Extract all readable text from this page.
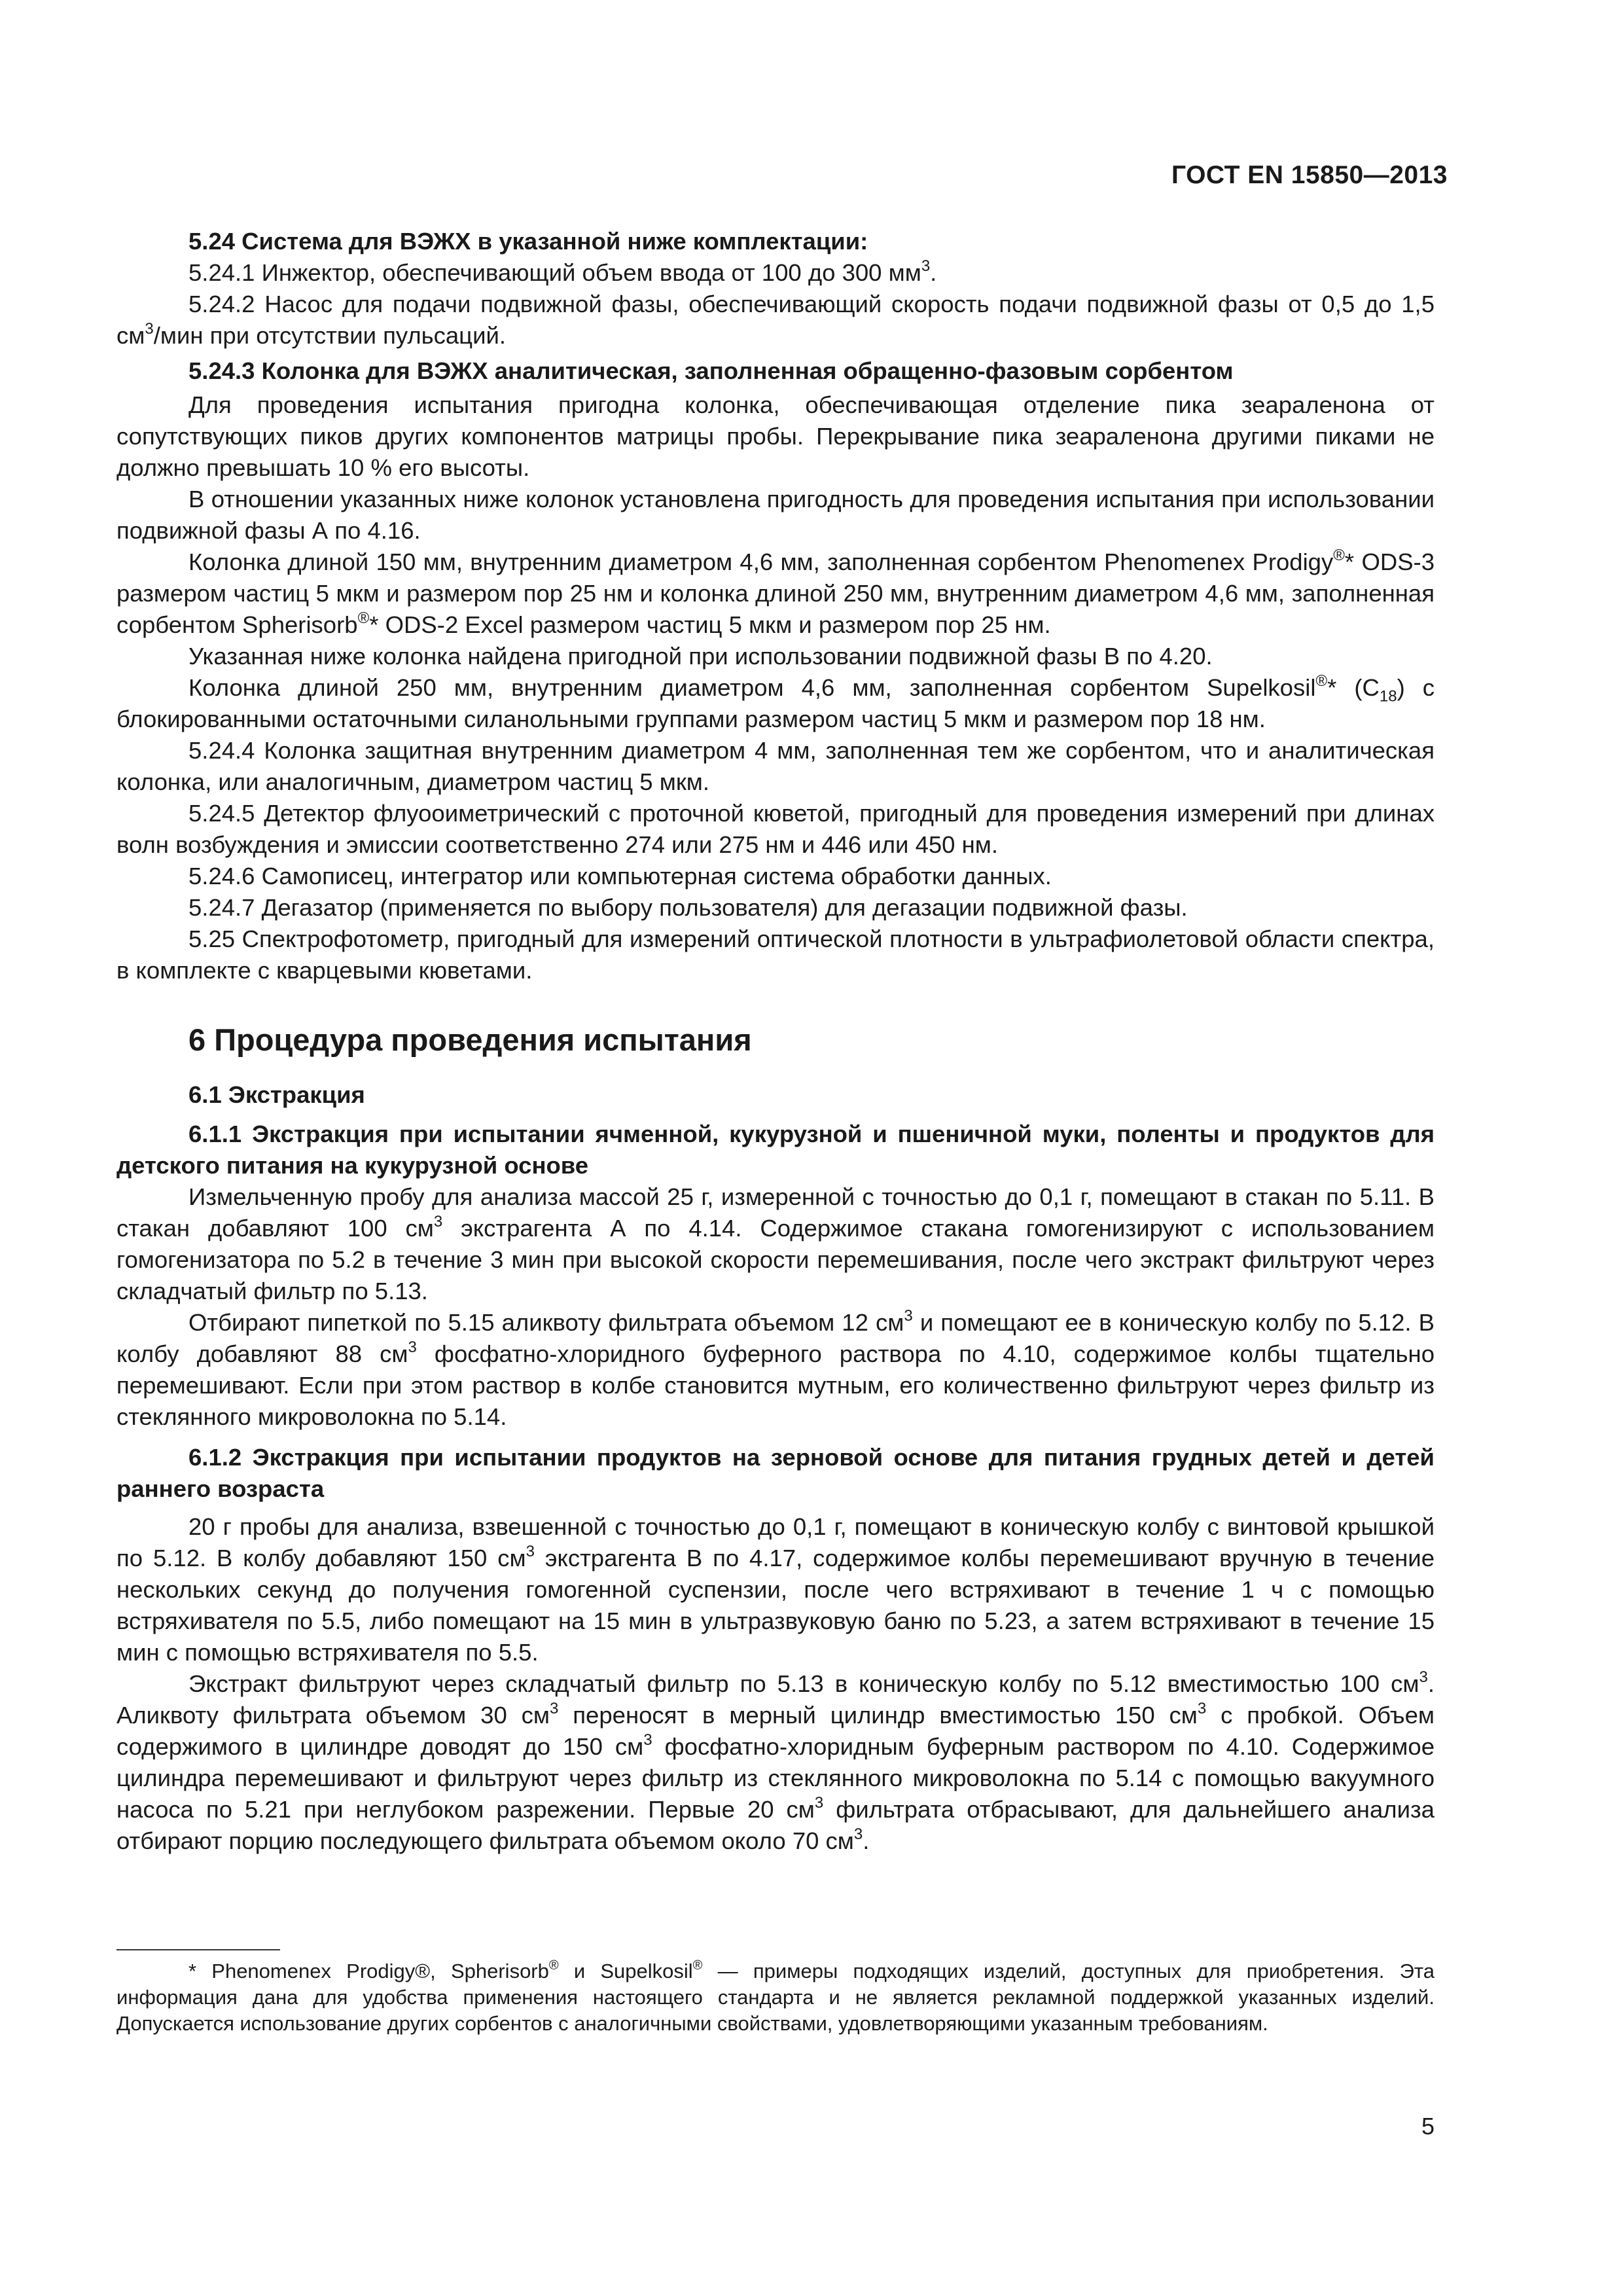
ГОСТ EN 15850—2013

5.24 Система для ВЭЖХ в указанной ниже комплектации:

5.24.1 Инжектор, обеспечивающий объем ввода от 100 до 300 $мм^3$.

5.24.2 Насос для подачи подвижной фазы, обеспечивающий скорость подачи подвижной фазы от 0,5 до 1,5 $см^3$/мин при отсутствии пульсаций.

5.24.3 Колонка для ВЭЖХ аналитическая, заполненная обращенно-фазовым сорбентом

Для проведения испытания пригодна колонка, обеспечивающая отделение пика зеараленона от сопутствующих пиков других компонентов матрицы пробы. Перекрывание пика зеараленона другими пиками не должно превышать 10 % его высоты.

В отношении указанных ниже колонок установлена пригодность для проведения испытания при использовании подвижной фазы А по 4.16.

Колонка длиной 150 мм, внутренним диаметром 4,6 мм, заполненная сорбентом Phenomenex Prodigy®* ODS-3 размером частиц 5 мкм и размером пор 25 нм и колонка длиной 250 мм, внутренним диаметром 4,6 мм, заполненная сорбентом Spherisorb®* ODS-2 Excel размером частиц 5 мкм и размером пор 25 нм.

Указанная ниже колонка найдена пригодной при использовании подвижной фазы В по 4.20.

Колонка длиной 250 мм, внутренним диаметром 4,6 мм, заполненная сорбентом Supelkosil®* $(C_{18})$ с блокированными остаточными силанольными группами размером частиц 5 мкм и размером пор 18 нм.

5.24.4 Колонка защитная внутренним диаметром 4 мм, заполненная тем же сорбентом, что и аналитическая колонка, или аналогичным, диаметром частиц 5 мкм.

5.24.5 Детектор флуооиметрический с проточной кюветой, пригодный для проведения измерений при длинах волн возбуждения и эмиссии соответственно 274 или 275 нм и 446 или 450 нм.

5.24.6 Самописец, интегратор или компьютерная система обработки данных.

5.24.7 Дегазатор (применяется по выбору пользователя) для дегазации подвижной фазы.

5.25 Спектрофотометр, пригодный для измерений оптической плотности в ультрафиолетовой области спектра, в комплекте с кварцевыми кюветами.

6 Процедура проведения испытания

6.1 Экстракция

6.1.1 Экстракция при испытании ячменной, кукурузной и пшеничной муки, поленты и продуктов для детского питания на кукурузной основе

Измельченную пробу для анализа массой 25 г, измеренной с точностью до 0,1 г, помещают в стакан по 5.11. В стакан добавляют 100 $см^3$ экстрагента А по 4.14. Содержимое стакана гомогенизируют с использованием гомогенизатора по 5.2 в течение 3 мин при высокой скорости перемешивания, после чего экстракт фильтруют через складчатый фильтр по 5.13.

Отбирают пипеткой по 5.15 аликвоту фильтрата объемом 12 $см^3$ и помещают ее в коническую колбу по 5.12. В колбу добавляют 88 $см^3$ фосфатно-хлоридного буферного раствора по 4.10, содержимое колбы тщательно перемешивают. Если при этом раствор в колбе становится мутным, его количественно фильтруют через фильтр из стеклянного микроволокна по 5.14.

6.1.2 Экстракция при испытании продуктов на зерновой основе для питания грудных детей и детей раннего возраста

20 г пробы для анализа, взвешенной с точностью до 0,1 г, помещают в коническую колбу с винтовой крышкой по 5.12. В колбу добавляют 150 $см^3$ экстрагента В по 4.17, содержимое колбы перемешивают вручную в течение нескольких секунд до получения гомогенной суспензии, после чего встряхивают в течение 1 ч с помощью встряхивателя по 5.5, либо помещают на 15 мин в ультразвуковую баню по 5.23, а затем встряхивают в течение 15 мин с помощью встряхивателя по 5.5.

Экстракт фильтруют через складчатый фильтр по 5.13 в коническую колбу по 5.12 вместимостью 100 $см^3$. Аликвоту фильтрата объемом 30 $см^3$ переносят в мерный цилиндр вместимостью 150 $см^3$ с пробкой. Объем содержимого в цилиндре доводят до 150 $см^3$ фосфатно-хлоридным буферным раствором по 4.10. Содержимое цилиндра перемешивают и фильтруют через фильтр из стеклянного микроволокна по 5.14 с помощью вакуумного насоса по 5.21 при неглубоком разрежении. Первые 20 $см^3$ фильтрата отбрасывают, для дальнейшего анализа отбирают порцию последующего фильтрата объемом около 70 $см^3$.

* Phenomenex Prodigy®, Spherisorb® и Supelkosil® — примеры подходящих изделий, доступных для приобретения. Эта информация дана для удобства применения настоящего стандарта и не является рекламной поддержкой указанных изделий. Допускается использование других сорбентов с аналогичными свойствами, удовлетворяющими указанным требованиям.
5
